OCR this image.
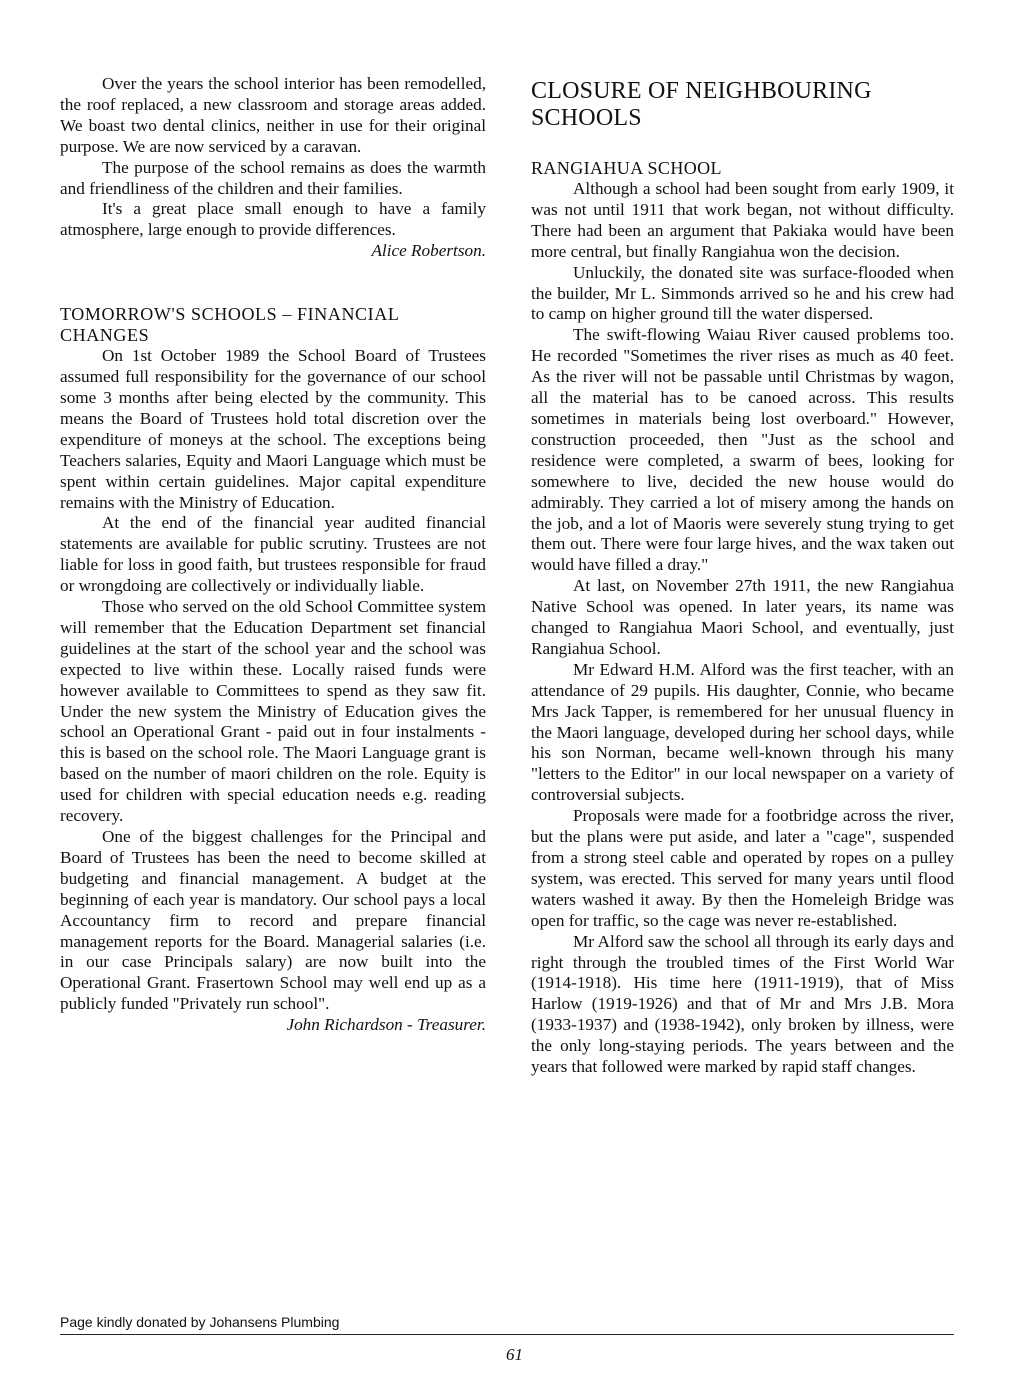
Over the years the school interior has been remodelled, the roof replaced, a new classroom and storage areas added. We boast two dental clinics, neither in use for their original purpose. We are now serviced by a caravan.

The purpose of the school remains as does the warmth and friendliness of the children and their families.

It's a great place small enough to have a family atmosphere, large enough to provide differences.

Alice Robertson.

TOMORROW'S SCHOOLS – FINANCIAL CHANGES

On 1st October 1989 the School Board of Trustees assumed full responsibility for the governance of our school some 3 months after being elected by the community. This means the Board of Trustees hold total discretion over the expenditure of moneys at the school. The exceptions being Teachers salaries, Equity and Maori Language which must be spent within certain guidelines. Major capital expenditure remains with the Ministry of Education.

At the end of the financial year audited financial statements are available for public scrutiny. Trustees are not liable for loss in good faith, but trustees responsible for fraud or wrongdoing are collectively or individually liable.

Those who served on the old School Committee system will remember that the Education Department set financial guidelines at the start of the school year and the school was expected to live within these. Locally raised funds were however available to Committees to spend as they saw fit. Under the new system the Ministry of Education gives the school an Operational Grant - paid out in four instalments - this is based on the school role. The Maori Language grant is based on the number of maori children on the role. Equity is used for children with special education needs e.g. reading recovery.

One of the biggest challenges for the Principal and Board of Trustees has been the need to become skilled at budgeting and financial management. A budget at the beginning of each year is mandatory. Our school pays a local Accountancy firm to record and prepare financial management reports for the Board. Managerial salaries (i.e. in our case Principals salary) are now built into the Operational Grant. Frasertown School may well end up as a publicly funded "Privately run school".

John Richardson - Treasurer.

CLOSURE OF NEIGHBOURING SCHOOLS
RANGIAHUA SCHOOL

Although a school had been sought from early 1909, it was not until 1911 that work began, not without difficulty. There had been an argument that Pakiaka would have been more central, but finally Rangiahua won the decision.

Unluckily, the donated site was surface-flooded when the builder, Mr L. Simmonds arrived so he and his crew had to camp on higher ground till the water dispersed.

The swift-flowing Waiau River caused problems too. He recorded "Sometimes the river rises as much as 40 feet. As the river will not be passable until Christmas by wagon, all the material has to be canoed across. This results sometimes in materials being lost overboard." However, construction proceeded, then "Just as the school and residence were completed, a swarm of bees, looking for somewhere to live, decided the new house would do admirably. They carried a lot of misery among the hands on the job, and a lot of Maoris were severely stung trying to get them out. There were four large hives, and the wax taken out would have filled a dray."

At last, on November 27th 1911, the new Rangiahua Native School was opened. In later years, its name was changed to Rangiahua Maori School, and eventually, just Rangiahua School.

Mr Edward H.M. Alford was the first teacher, with an attendance of 29 pupils. His daughter, Connie, who became Mrs Jack Tapper, is remembered for her unusual fluency in the Maori language, developed during her school days, while his son Norman, became well-known through his many "letters to the Editor" in our local newspaper on a variety of controversial subjects.

Proposals were made for a footbridge across the river, but the plans were put aside, and later a "cage", suspended from a strong steel cable and operated by ropes on a pulley system, was erected. This served for many years until flood waters washed it away. By then the Homeleigh Bridge was open for traffic, so the cage was never re-established.

Mr Alford saw the school all through its early days and right through the troubled times of the First World War (1914-1918). His time here (1911-1919), that of Miss Harlow (1919-1926) and that of Mr and Mrs J.B. Mora (1933-1937) and (1938-1942), only broken by illness, were the only long-staying periods. The years between and the years that followed were marked by rapid staff changes.

Page kindly donated by Johansens Plumbing
61
